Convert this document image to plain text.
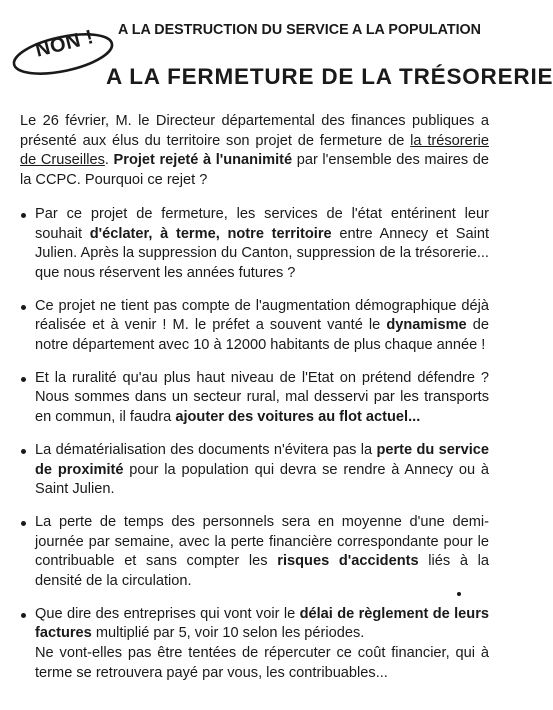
NON ! A LA DESTRUCTION DU SERVICE A LA POPULATION
A LA FERMETURE DE LA TRÉSORERIE

Le 26 février, M. le Directeur départemental des finances publiques a présenté aux élus du territoire son projet de fermeture de la trésorerie de Cruseilles. Projet rejeté à l'unanimité par l'ensemble des maires de la CCPC. Pourquoi ce rejet ?

Par ce projet de fermeture, les services de l'état entérinent leur souhait d'éclater, à terme, notre territoire entre Annecy et Saint Julien. Après la suppression du Canton, suppression de la trésorerie... que nous réservent les années futures ?
Ce projet ne tient pas compte de l'augmentation démographique déjà réalisée et à venir ! M. le préfet a souvent vanté le dynamisme de notre département avec 10 à 12000 habitants de plus chaque année !
Et la ruralité qu'au plus haut niveau de l'Etat on prétend défendre ? Nous sommes dans un secteur rural, mal desservi par les transports en commun, il faudra ajouter des voitures au flot actuel...
La dématérialisation des documents n'évitera pas la perte du service de proximité pour la population qui devra se rendre à Annecy ou à Saint Julien.
La perte de temps des personnels sera en moyenne d'une demi-journée par semaine, avec la perte financière correspondante pour le contribuable et sans compter les risques d'accidents liés à la densité de la circulation.

Que dire des entreprises qui vont voir le délai de règlement de leurs factures multiplié par 5, voir 10 selon les périodes.

Ne vont-elles pas être tentées de répercuter ce coût financier, qui à terme se retrouvera payé par vous, les contribuables...
